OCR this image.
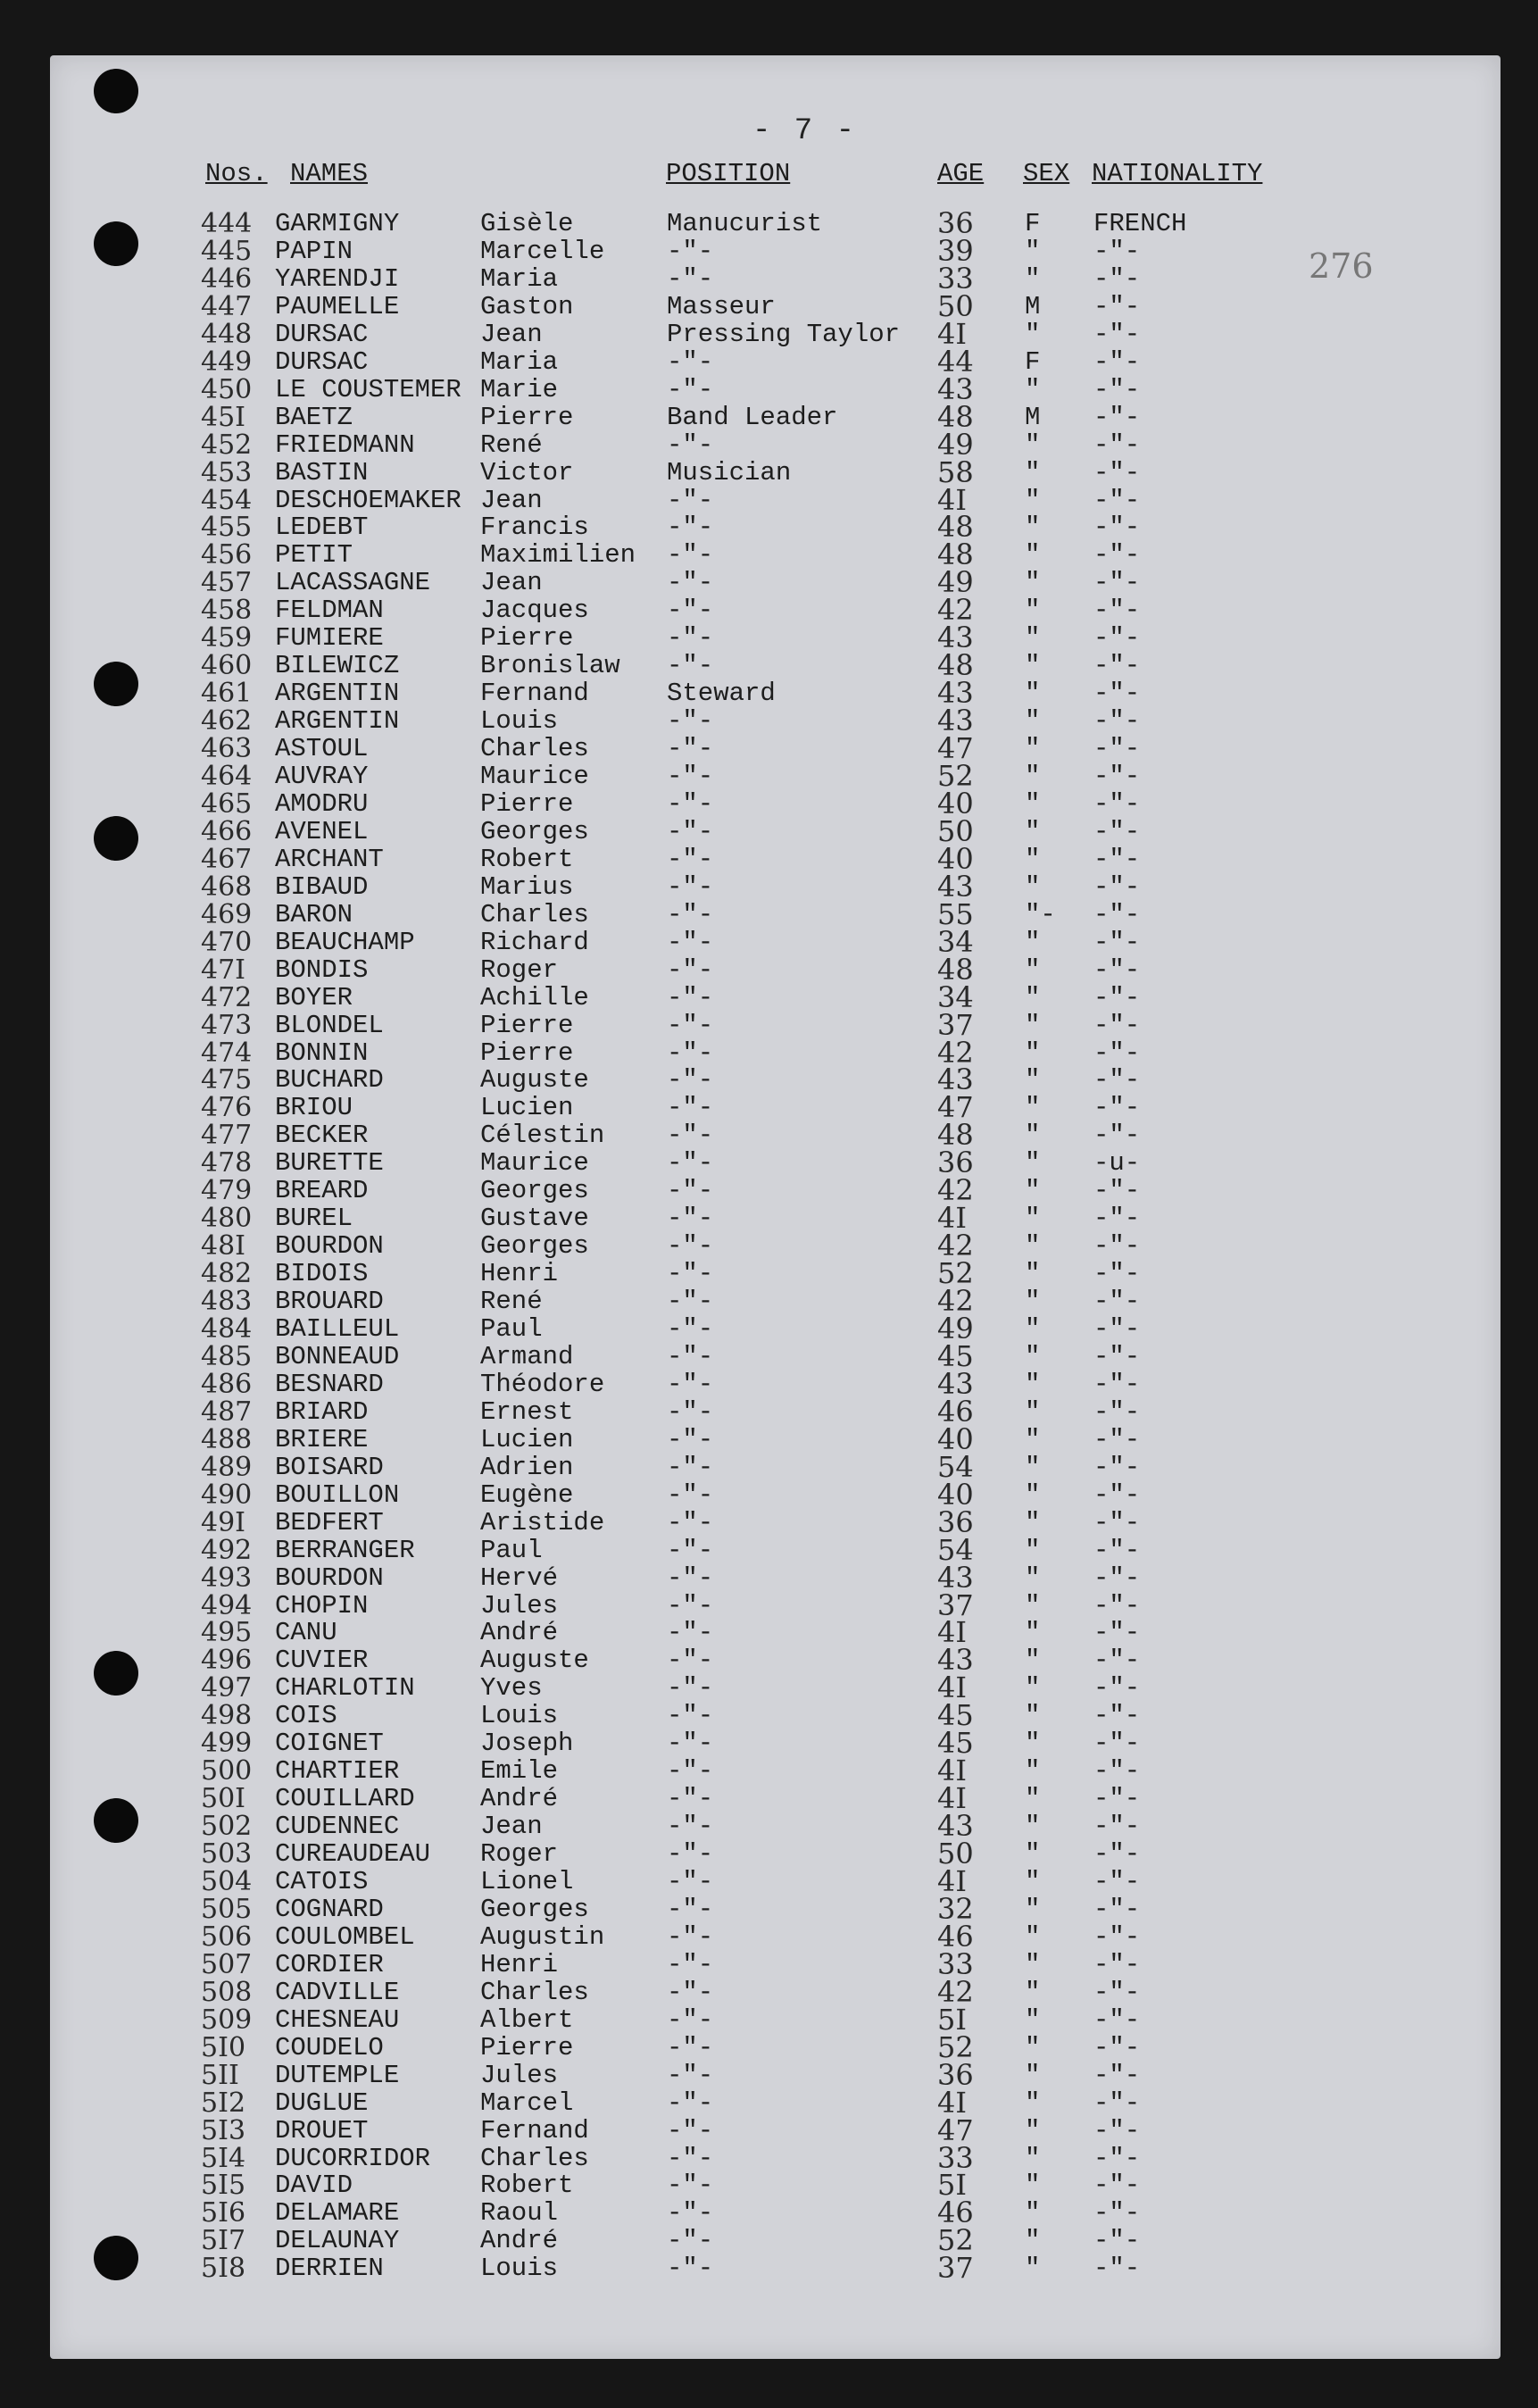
- 7 -
276
Nos. NAMES	POSITION	AGE SEX NATIONALITY
444 GARMIGNY	Gisèle	Manucurist	36 F FRENCH
445 PAPIN	Marcelle -"-	39 " -"-
446 YARENDJI	Maria	-"-	33 " -"-
447 PAUMELLE	Gaston	Masseur	50 M -"-
448 DURSAC	Jean	Pressing Taylor 4I " -"-
449 DURSAC	Maria	-"-	44 F -"-
450 LE COUSTEMER Marie	-"-	43 " -"-
45I BAETZ	Pierre	Band Leader	48 M -"-
452 FRIEDMANN	René	-"-	49 " -"-
453 BASTIN	Victor	Musician	58 " -"-
454 DESCHOEMAKER Jean	-"-	4I " -"-
455 LEDEBT	Francis	-"-	48 " -"-
456 PETIT	Maximilien -"-	48 " -"-
457 LACASSAGNE Jean	-"-	49 " -"-
458 FELDMAN	Jacques	-"-	42 " -"-
459 FUMIERE	Pierre	-"-	43 " -"-
460 BILEWICZ	Bronislaw -"-	48 " -"-
461 ARGENTIN	Fernand	Steward	43 " -"-
462 ARGENTIN	Louis	-"-	43 " -"-
463 ASTOUL	Charles	-"-	47 " -"-
464 AUVRAY	Maurice	-"-	52 " -"-
465 AMODRU	Pierre	-"-	40 " -"-
466 AVENEL	Georges	-"-	50 " -"-
467 ARCHANT	Robert	-"-	40 " -"-
468 BIBAUD	Marius	-"-	43 " -"-
469 BARON	Charles	-"-	55 "- -"-
470 BEAUCHAMP	Richard	-"-	34 " -"-
47I BONDIS	Roger	-"-	48 " -"-
472 BOYER	Achille	-"-	34 " -"-
473 BLONDEL	Pierre	-"-	37 " -"-
474 BONNIN	Pierre	-"-	42 " -"-
475 BUCHARD	Auguste	-"-	43 " -"-
476 BRIOU	Lucien	-"-	47 " -"-
477 BECKER	Célestin -"-	48 " -"-
478 BURETTE	Maurice	-"-	36 " -u-
479 BREARD	Georges	-"-	42 " -"-
480 BUREL	Gustave	-"-	4I " -"-
48I BOURDON	Georges	-"-	42 " -"-
482 BIDOIS	Henri	-"-	52 " -"-
483 BROUARD	René	-"-	42 " -"-
484 BAILLEUL	Paul	-"-	49 " -"-
485 BONNEAUD	Armand	-"-	45 " -"-
486 BESNARD	Théodore -"-	43 " -"-
487 BRIARD	Ernest	-"-	46 " -"-
488 BRIERE	Lucien	-"-	40 " -"-
489 BOISARD	Adrien	-"-	54 " -"-
490 BOUILLON	Eugène	-"-	40 " -"-
49I BEDFERT	Aristide -"-	36 " -"-
492 BERRANGER	Paul	-"-	54 " -"-
493 BOURDON	Hervé	-"-	43 " -"-
494 CHOPIN	Jules	-"-	37 " -"-
495 CANU	André	-"-	4I " -"-
496 CUVIER	Auguste	-"-	43 " -"-
497 CHARLOTIN	Yves	-"-	4I " -"-
498 COIS	Louis	-"-	45 " -"-
499 COIGNET	Joseph	-"-	45 " -"-
500 CHARTIER	Emile	-"-	4I " -"-
50I COUILLARD	André	-"-	4I " -"-
502 CUDENNEC	Jean	-"-	43 " -"-
503 CUREAUDEAU Roger	-"-	50 " -"-
504 CATOIS	Lionel	-"-	4I " -"-
505 COGNARD	Georges	-"-	32 " -"-
506 COULOMBEL	Augustin -"-	46 " -"-
507 CORDIER	Henri	-"-	33 " -"-
508 CADVILLE	Charles	-"-	42 " -"-
509 CHESNEAU	Albert	-"-	5I " -"-
5I0 COUDELO	Pierre	-"-	52 " -"-
5II DUTEMPLE	Jules	-"-	36 " -"-
5I2 DUGLUE	Marcel	-"-	4I " -"-
5I3 DROUET	Fernand	-"-	47 " -"-
5I4 DUCORRIDOR Charles	-"-	33 " -"-
5I5 DAVID	Robert	-"-	5I " -"-
5I6 DELAMARE	Raoul	-"-	46 " -"-
5I7 DELAUNAY	André	-"-	52 " -"-
5I8 DERRIEN	Louis	-"-	37 " -"-
